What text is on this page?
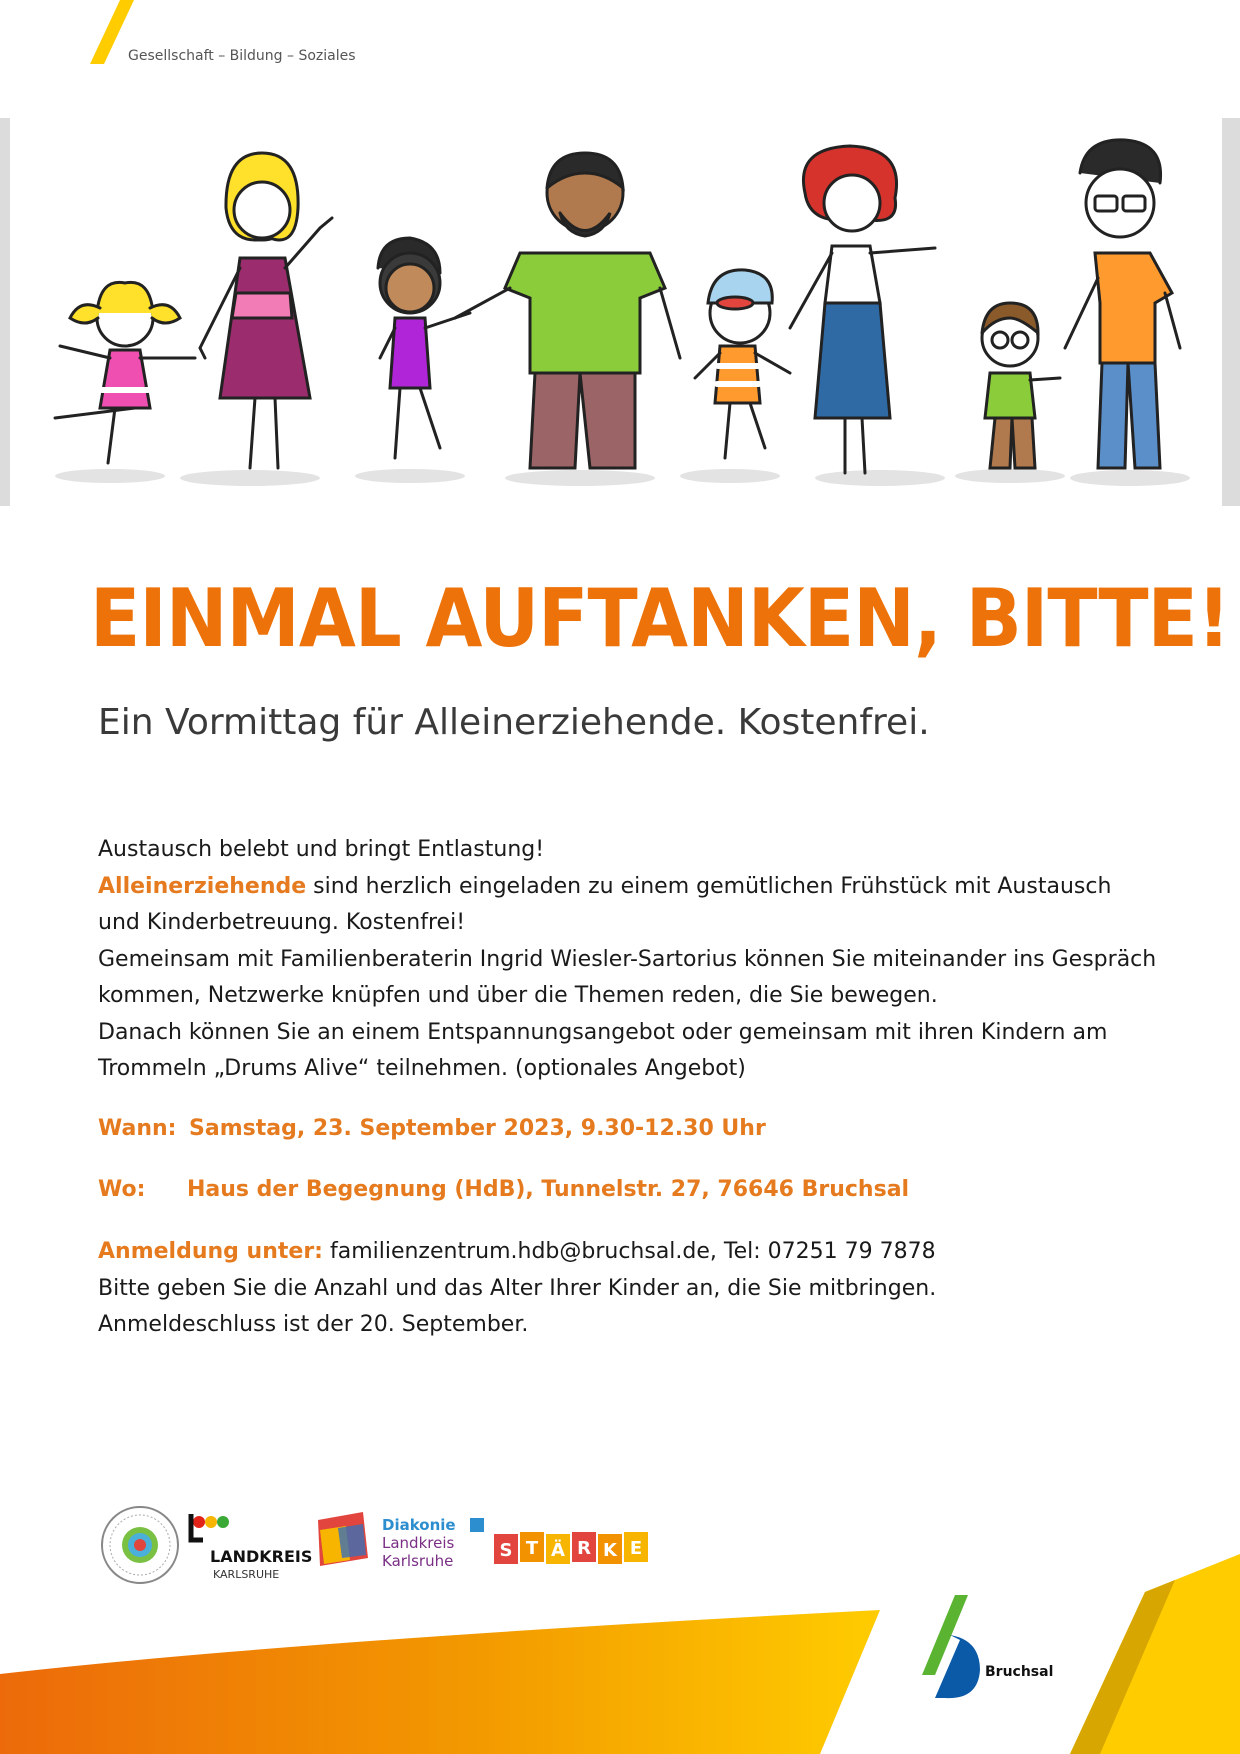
Gesellschaft – Bildung – Soziales
EINMAL AUFTANKEN, BITTE!
Ein Vormittag für Alleinerziehende. Kostenfrei.

Austausch belebt und bringt Entlastung!

Alleinerziehende sind herzlich eingeladen zu einem gemütlichen Frühstück mit Austausch und Kinderbetreuung. Kostenfrei!

Gemeinsam mit Familienberaterin Ingrid Wiesler-Sartorius können Sie miteinander ins Gespräch kommen, Netzwerke knüpfen und über die Themen reden, die Sie bewegen.

Danach können Sie an einem Entspannungsangebot oder gemeinsam mit ihren Kindern am Trommeln „Drums Alive“ teilnehmen. (optionales Angebot)

Wann: Samstag, 23. September 2023, 9.30-12.30 Uhr
Wo: Haus der Begegnung (HdB), Tunnelstr. 27, 76646 Bruchsal

Anmeldung unter: familienzentrum.hdb@bruchsal.de, Tel: 07251 79 7878

Bitte geben Sie die Anzahl und das Alter Ihrer Kinder an, die Sie mitbringen.

Anmeldeschluss ist der 20. September.

LANDKREIS
KARLSRUHE
Diakonie
Landkreis
Karlsruhe	S T Ä R K E
Bruchsal
